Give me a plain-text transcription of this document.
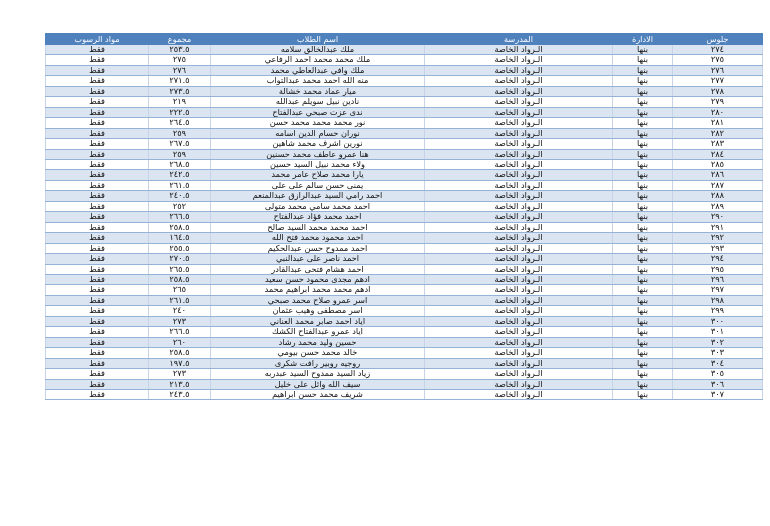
جلوس	الادارة	المدرسة	اسم الطلاب	مجموع	مواد الرسوب
٢٧٤	بنها	الـرواد الخاصة	ملك عبدالخالق سلامه	٢٥٣.٥	فقط
٢٧٥	بنها	الـرواد الخاصة	ملك محمد محمد احمد الرفاعي	٢٧٥	فقط
٢٧٦	بنها	الـرواد الخاصة	ملك وافي عبدالعاطي محمد	٢٧٦	فقط
٢٧٧	بنها	الـرواد الخاصة	منه الله احمد محمد عبدالتواب	٢٧١.٥	فقط
٢٧٨	بنها	الـرواد الخاصة	ميار عماد محمد خشالة	٢٧٣.٥	فقط
٢٧٩	بنها	الـرواد الخاصة	نادين نبيل سويلم عبدالله	٢١٩	فقط
٢٨٠	بنها	الـرواد الخاصة	ندى عزت صبحي عبدالفتاح	٢٢٢.٥	فقط
٢٨١	بنها	الـرواد الخاصة	نور محمد محمد محمد حسن	٢٦٤.٥	فقط
٢٨٢	بنها	الـرواد الخاصة	نوران حسام الدين اسامه	٢٥٩	فقط
٢٨٣	بنها	الـرواد الخاصة	نورين اشرف محمد شاهين	٢٦٧.٥	فقط
٢٨٤	بنها	الـرواد الخاصة	هنا عمرو عاطف محمد حسنين	٢٥٩	فقط
٢٨٥	بنها	الـرواد الخاصة	ولاء محمد نبيل السيد حسين	٢٦٨.٥	فقط
٢٨٦	بنها	الـرواد الخاصة	يارا محمد صلاح عامر محمد	٢٤٢.٥	فقط
٢٨٧	بنها	الـرواد الخاصة	يمنى حسن سالم على على	٢٦١.٥	فقط
٢٨٨	بنها	الـرواد الخاصة	احمد رامي السيد عبدالرازق عبدالمنعم	٢٤٠.٥	فقط
٢٨٩	بنها	الـرواد الخاصة	احمد محمد سامي محمد متولى	٢٥٢	فقط
٢٩٠	بنها	الـرواد الخاصة	احمد محمد فؤاد عبدالفتاح	٢٦٦.٥	فقط
٢٩١	بنها	الـرواد الخاصة	احمد محمد محمد السيد صالح	٢٥٨.٥	فقط
٢٩٢	بنها	الـرواد الخاصة	احمد محمود محمد فتح الله	١٦٤.٥	فقط
٢٩٣	بنها	الـرواد الخاصة	احمد ممدوح حسن عبدالحكيم	٢٥٥.٥	فقط
٢٩٤	بنها	الـرواد الخاصة	احمد ناصر على عبدالنبي	٢٧٠.٥	فقط
٢٩٥	بنها	الـرواد الخاصة	احمد هشام فتحى عبدالقادر	٢٦٥.٥	فقط
٢٩٦	بنها	الـرواد الخاصة	ادهم مجدى محمود حسن سعيد	٢٥٨.٥	فقط
٢٩٧	بنها	الـرواد الخاصة	ادهم محمد محمد ابراهيم محمد	٢٦٥	فقط
٢٩٨	بنها	الـرواد الخاصة	اسر عمرو صلاح محمد صبحي	٢٦١.٥	فقط
٢٩٩	بنها	الـرواد الخاصة	اسر مصطفى وهيب عثمان	٢٤٠	فقط
٣٠٠	بنها	الـرواد الخاصة	اياد احمد صابر محمد العناني	٢٧٣	فقط
٣٠١	بنها	الـرواد الخاصة	اياد عمرو عبدالفتاح الكشك	٢٦٦.٥	فقط
٣٠٢	بنها	الـرواد الخاصة	حسين وليد محمد رشاد	٢٦٠	فقط
٣٠٣	بنها	الـرواد الخاصة	خالد محمد حسن بيومي	٢٥٨.٥	فقط
٣٠٤	بنها	الـرواد الخاصة	روجيه روبير رافت شكرى	١٩٧.٥	فقط
٣٠٥	بنها	الـرواد الخاصة	زياد السيد ممدوح السيد عبدربه	٢٧٣	فقط
٣٠٦	بنها	الـرواد الخاصة	سيف الله وائل على خليل	٢١٣.٥	فقط
٣٠٧	بنها	الـرواد الخاصة	شريف محمد حسن ابراهيم	٢٤٣.٥	فقط
